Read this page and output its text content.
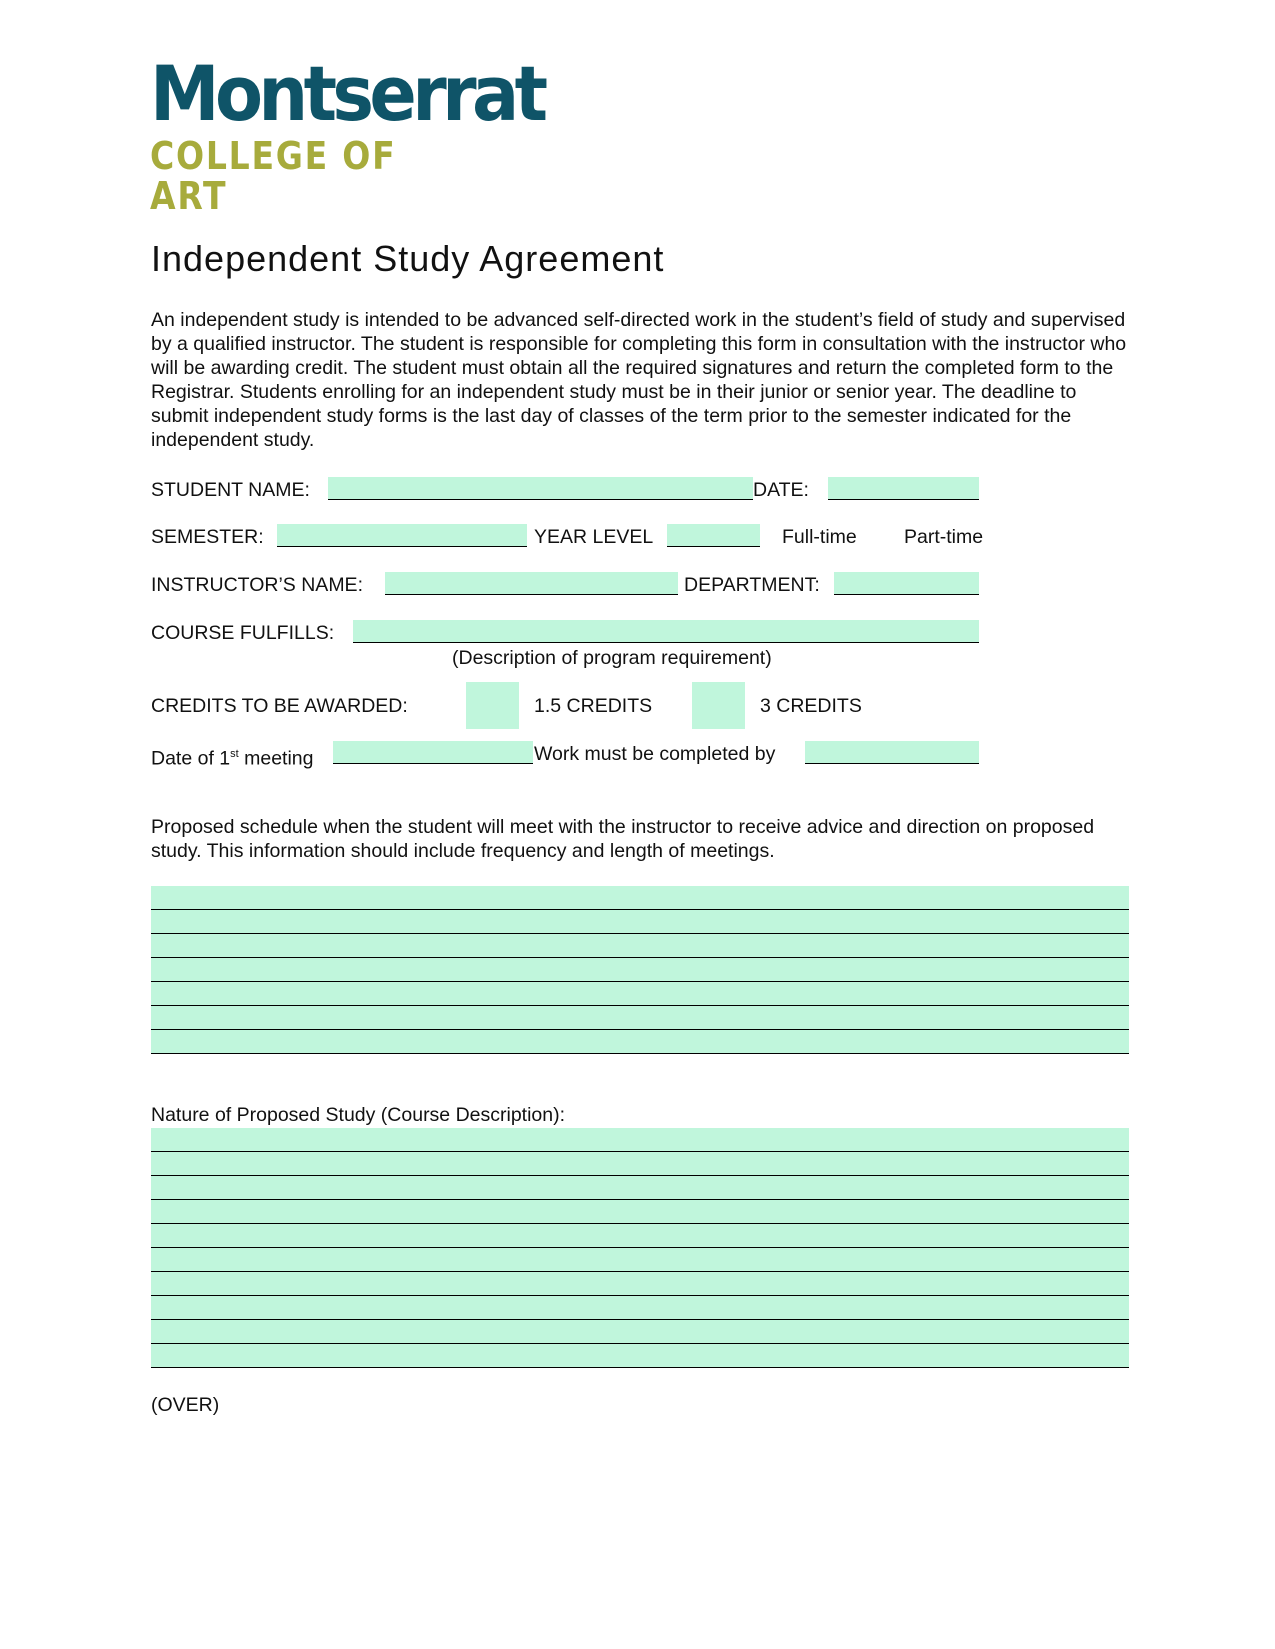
Montserrat
COLLEGE OF ART
Independent Study Agreement

An independent study is intended to be advanced self-directed work in the student’s field of study and supervised by a qualified instructor. The student is responsible for completing this form in consultation with the instructor who will be awarding credit. The student must obtain all the required signatures and return the completed form to the Registrar. Students enrolling for an independent study must be in their junior or senior year. The deadline to submit independent study forms is the last day of classes of the term prior to the semester indicated for the independent study.

STUDENT NAME:	DATE:
SEMESTER:	YEAR LEVEL	Full-time Part-time
INSTRUCTOR’S NAME:	DEPARTMENT:
COURSE FULFILLS:
(Description of program requirement)
CREDITS TO BE AWARDED:	1.5 CREDITS	3 CREDITS
Date of 1st meeting	Work must be completed by

Proposed schedule when the student will meet with the instructor to receive advice and direction on proposed study. This information should include frequency and length of meetings.

Nature of Proposed Study (Course Description):
(OVER)
